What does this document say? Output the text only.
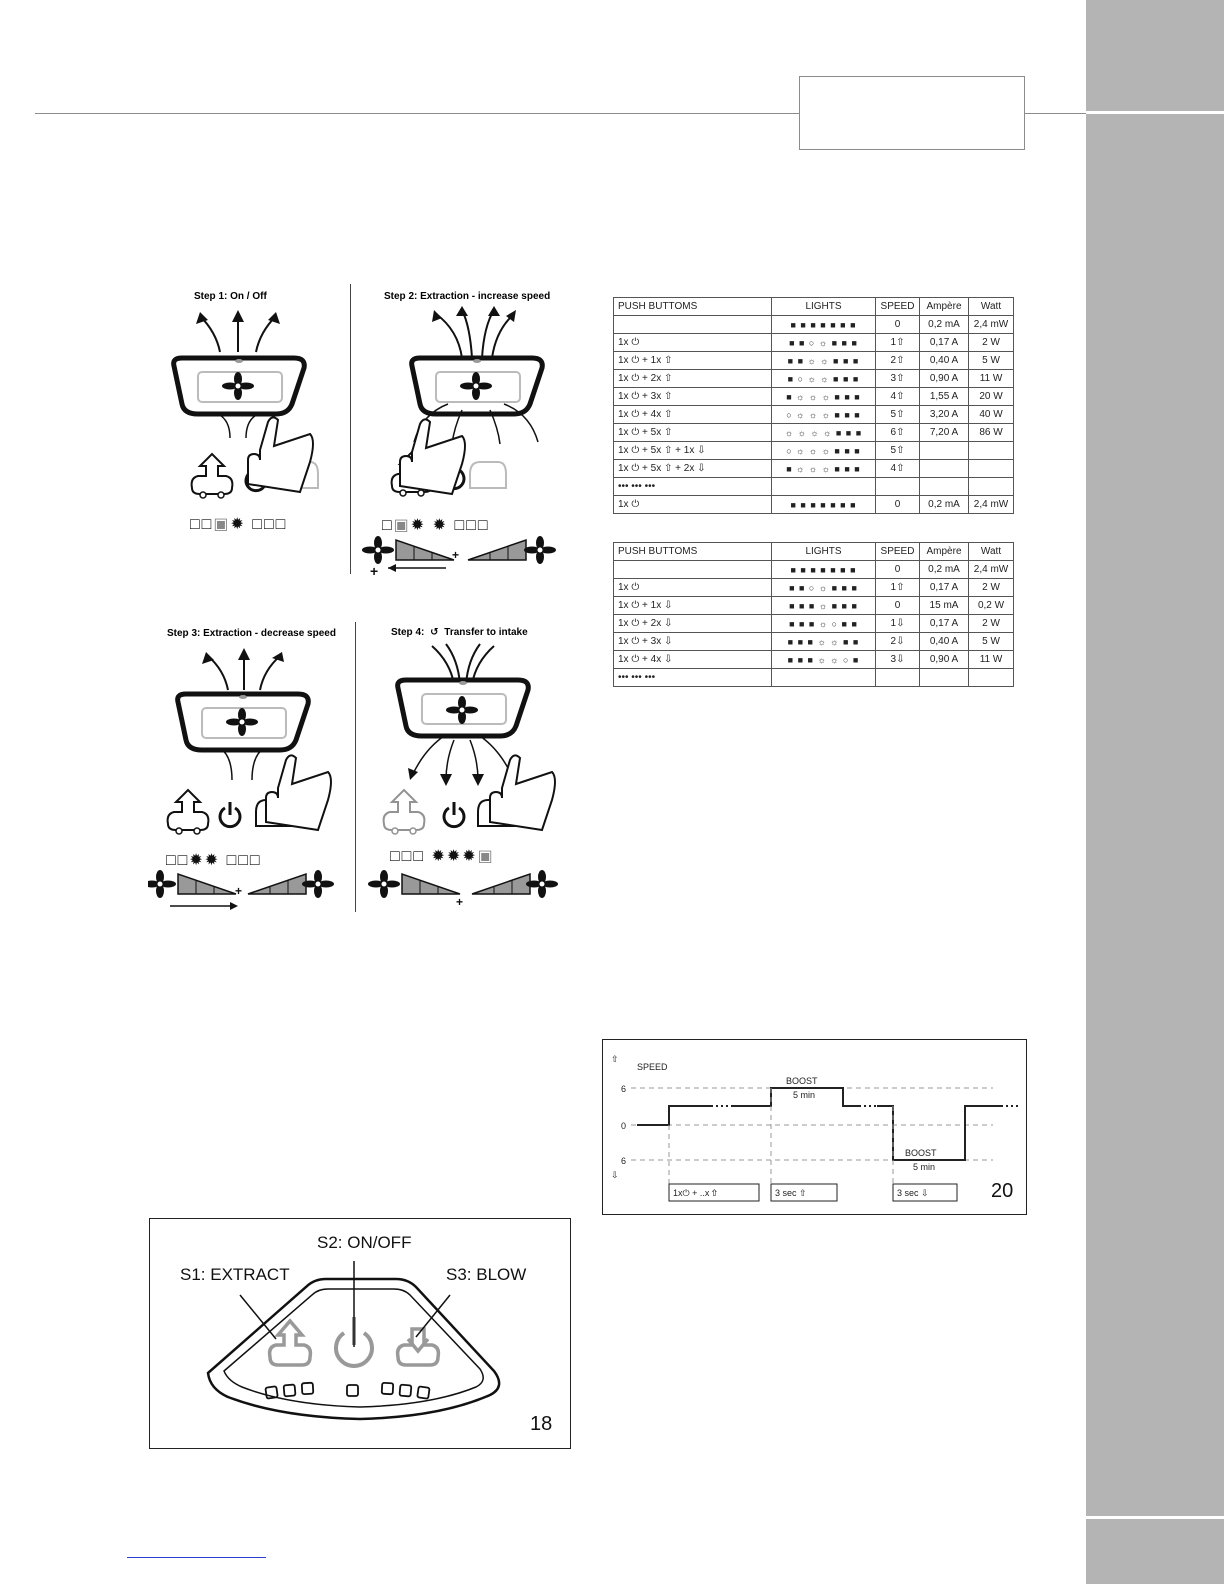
Step 1: On / Off	Step 2: Extraction - increase speed
Step 3: Extraction - decrease speed	Step 4: ↺ Transfer to intake
□□▣✹ □□□	□▣✹ ✹ □□□
+
+
□□✹✹ □□□
-
+
□□□ ✹✹✹▣
+
PUSH BUTTOMS	LIGHTS	SPEED	Ampère	Watt
	■ ■ ■ ■ ■ ■ ■	0	0,2 mA	2,4 mW
1x ⏻	■ ■ ○ ☼ ■ ■ ■	1⇧	0,17 A	2 W
1x ⏻ + 1x ⇧	■ ■ ☼ ☼ ■ ■ ■	2⇧	0,40 A	5 W
1x ⏻ + 2x ⇧	■ ○ ☼ ☼ ■ ■ ■	3⇧	0,90 A	11 W
1x ⏻ + 3x ⇧	■ ☼ ☼ ☼ ■ ■ ■	4⇧	1,55 A	20 W
1x ⏻ + 4x ⇧	○ ☼ ☼ ☼ ■ ■ ■	5⇧	3,20 A	40 W
1x ⏻ + 5x ⇧	☼ ☼ ☼ ☼ ■ ■ ■	6⇧	7,20 A	86 W
1x ⏻ + 5x ⇧ + 1x ⇩	○ ☼ ☼ ☼ ■ ■ ■	5⇧		
1x ⏻ + 5x ⇧ + 2x ⇩	■ ☼ ☼ ☼ ■ ■ ■	4⇧		
••• ••• •••				
1x ⏻	■ ■ ■ ■ ■ ■ ■	0	0,2 mA	2,4 mW
PUSH BUTTOMS	LIGHTS	SPEED	Ampère	Watt
	■ ■ ■ ■ ■ ■ ■	0	0,2 mA	2,4 mW
1x ⏻	■ ■ ○ ☼ ■ ■ ■	1⇧	0,17 A	2 W
1x ⏻ + 1x ⇩	■ ■ ■ ☼ ■ ■ ■	0	15 mA	0,2 W
1x ⏻ + 2x ⇩	■ ■ ■ ☼ ○ ■ ■	1⇩	0,17 A	2 W
1x ⏻ + 3x ⇩	■ ■ ■ ☼ ☼ ■ ■	2⇩	0,40 A	5 W
1x ⏻ + 4x ⇩	■ ■ ■ ☼ ☼ ○ ■	3⇩	0,90 A	11 W
••• ••• •••				
SPEED
⇧
6
0
6
⇩
BOOST
5 min
BOOST
5 min
1x⏻ + ..x ⇧	3 sec ⇧	3 sec ⇩	20
S1: EXTRACT
S2: ON/OFF
S3: BLOW
18
